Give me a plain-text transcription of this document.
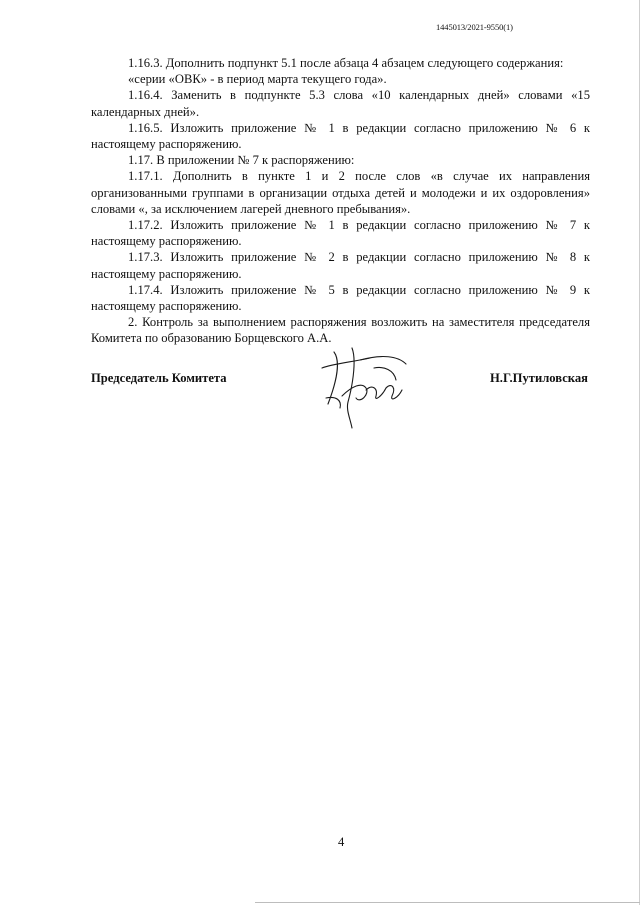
1445013/2021-9550(1)

1.16.3. Дополнить подпункт 5.1 после абзаца 4 абзацем следующего содержания:

«серии «ОВК» - в период марта текущего года».

1.16.4. Заменить в подпункте 5.3 слова «10 календарных дней» словами «15 календарных дней».

1.16.5. Изложить приложение № 1 в редакции согласно приложению № 6 к настоящему распоряжению.

1.17. В приложении № 7 к распоряжению:

1.17.1. Дополнить в пункте 1 и 2 после слов «в случае их направления организованными группами в организации отдыха детей и молодежи и их оздоровления» словами «, за исключением лагерей дневного пребывания».

1.17.2. Изложить приложение № 1 в редакции согласно приложению № 7 к настоящему распоряжению.

1.17.3. Изложить приложение № 2 в редакции согласно приложению № 8 к настоящему распоряжению.

1.17.4. Изложить приложение № 5 в редакции согласно приложению № 9 к настоящему распоряжению.

2. Контроль за выполнением распоряжения возложить на заместителя председателя Комитета по образованию Борщевского А.А.

Председатель Комитета	Н.Г.Путиловская
4
